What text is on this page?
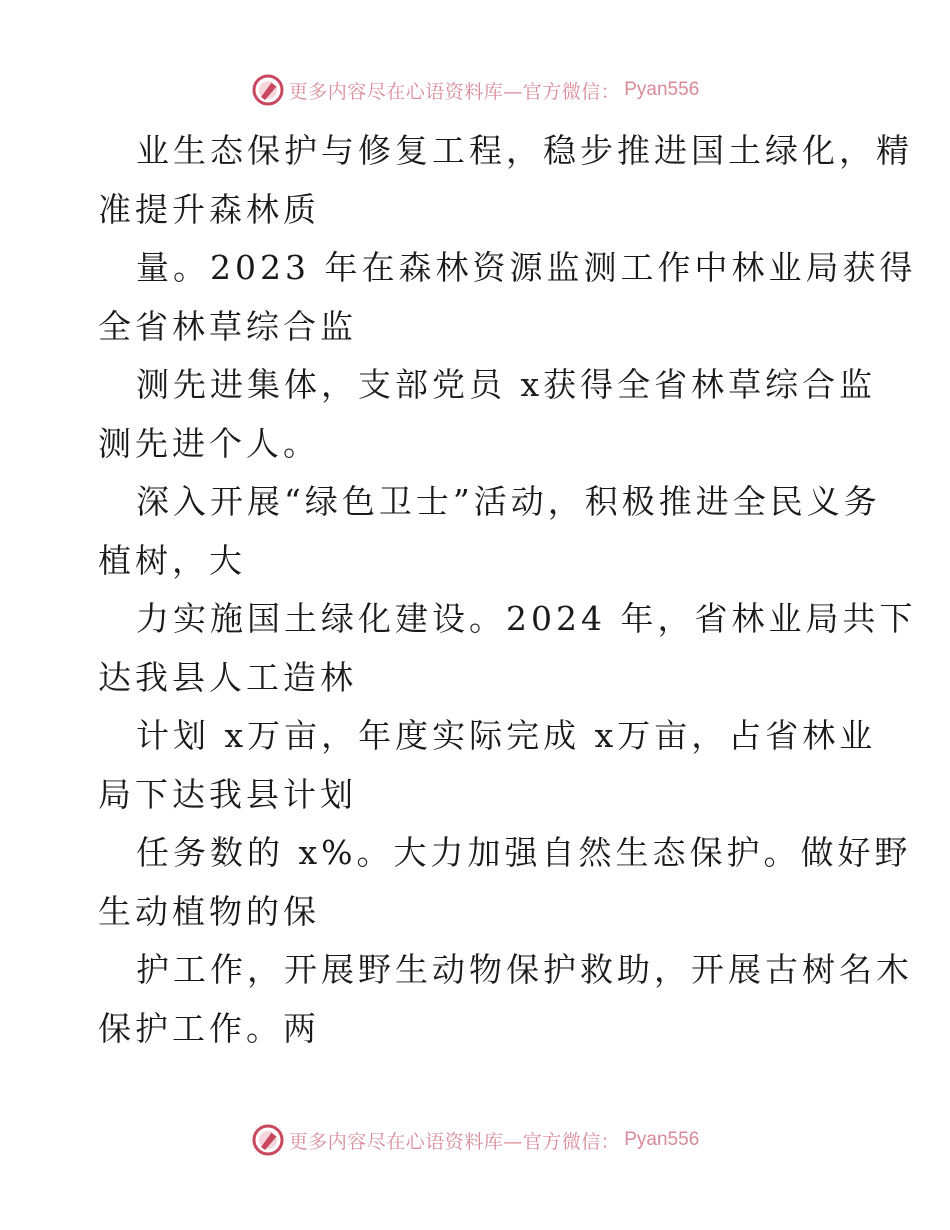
更多内容尽在心语资料库—官方微信： Pyan556
业生态保护与修复工程，稳步推进国土绿化，精
准提升森林质
量。2023 年在森林资源监测工作中林业局获得
全省林草综合监
测先进集体，支部党员 x获得全省林草综合监
测先进个人。
深入开展“绿色卫士”活动，积极推进全民义务
植树，大
力实施国土绿化建设。2024 年，省林业局共下
达我县人工造林
计划 x万亩，年度实际完成 x万亩，占省林业
局下达我县计划
任务数的 x%。大力加强自然生态保护。做好野
生动植物的保
护工作，开展野生动物保护救助，开展古树名木
保护工作。两
更多内容尽在心语资料库—官方微信： Pyan556
